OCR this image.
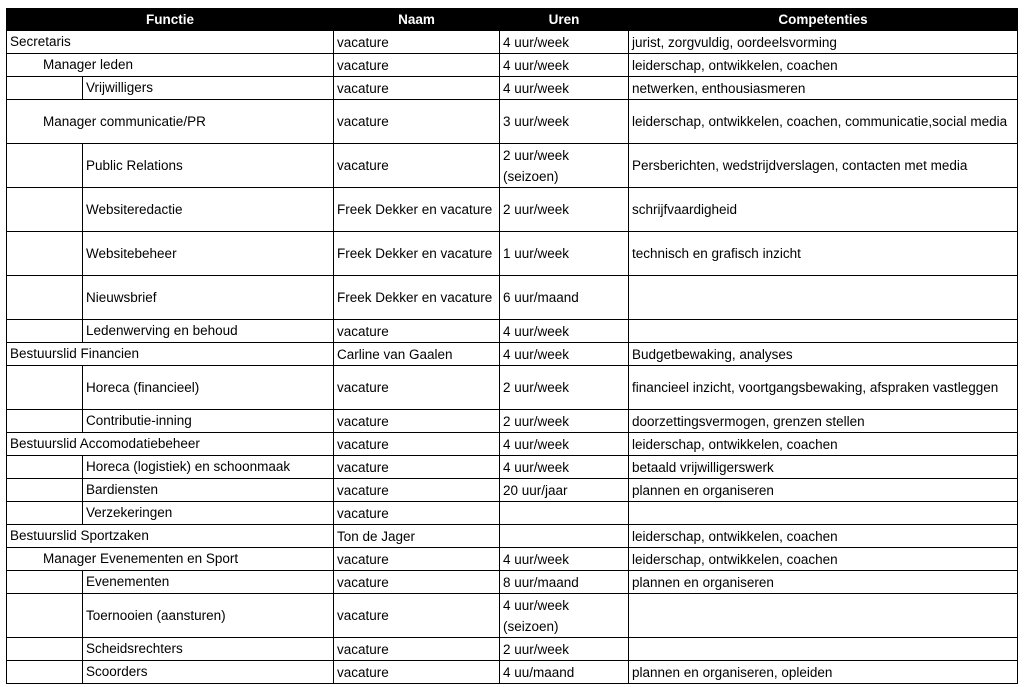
Functie	Naam	Uren	Competenties

Secretaris	vacature	4 uur/week	jurist, zorgvuldig, oordeelsvorming

Manager leden	vacature	4 uur/week	leiderschap, ontwikkelen, coachen

Vrijwilligers	vacature	4 uur/week	netwerken, enthousiasmeren

Manager communicatie/PR	vacature	3 uur/week	leiderschap, ontwikkelen, coachen, communicatie,social media

Public Relations	vacature	2 uur/week (seizoen)	Persberichten, wedstrijdverslagen, contacten met media

Websiteredactie	Freek Dekker en vacature	2 uur/week	schrijfvaardigheid

Websitebeheer	Freek Dekker en vacature	1 uur/week	technisch en grafisch inzicht

Nieuwsbrief	Freek Dekker en vacature	6 uur/maand	

Ledenwerving en behoud	vacature	4 uur/week	

Bestuurslid Financien	Carline van Gaalen	4 uur/week	Budgetbewaking, analyses

Horeca (financieel)	vacature	2 uur/week	financieel inzicht, voortgangsbewaking, afspraken vastleggen

Contributie-inning	vacature	2 uur/week	doorzettingsvermogen, grenzen stellen

Bestuurslid Accomodatiebeheer	vacature	4 uur/week	leiderschap, ontwikkelen, coachen

Horeca (logistiek) en schoonmaak	vacature	4 uur/week	betaald vrijwilligerswerk

Bardiensten	vacature	20 uur/jaar	plannen en organiseren

Verzekeringen	vacature		

Bestuurslid Sportzaken	Ton de Jager		leiderschap, ontwikkelen, coachen

Manager Evenementen en Sport	vacature	4 uur/week	leiderschap, ontwikkelen, coachen

Evenementen	vacature	8 uur/maand	plannen en organiseren

Toernooien (aansturen)	vacature	4 uur/week (seizoen)	

Scheidsrechters	vacature	2 uur/week	

Scoorders	vacature	4 uu/maand	plannen en organiseren, opleiden
